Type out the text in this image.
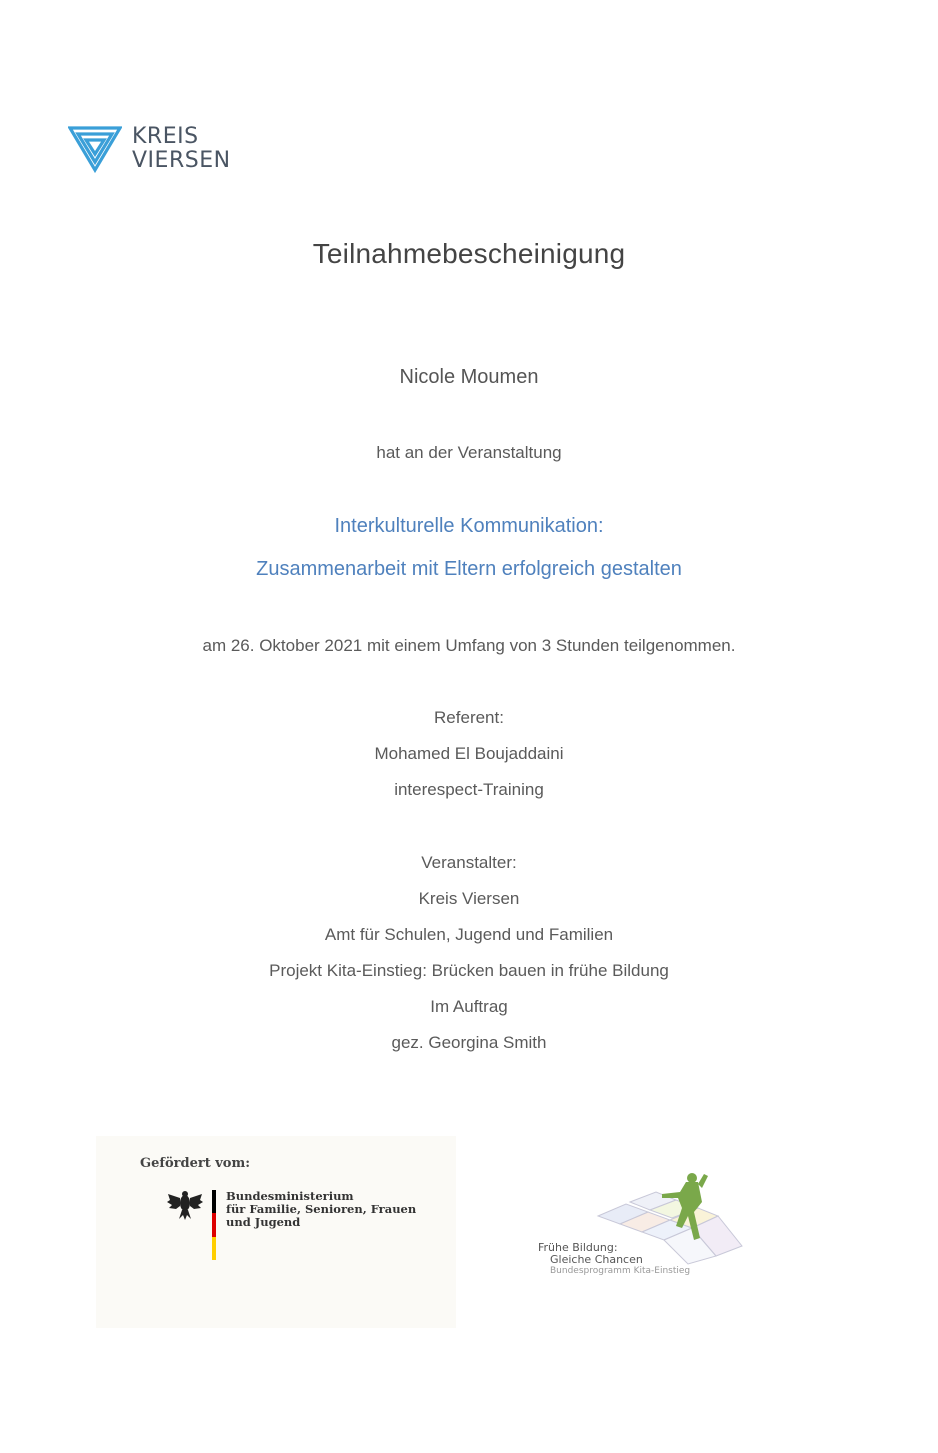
KREIS
VIERSEN
Teilnahmebescheinigung
Nicole Moumen
hat an der Veranstaltung
Interkulturelle Kommunikation:
Zusammenarbeit mit Eltern erfolgreich gestalten
am 26. Oktober 2021 mit einem Umfang von 3 Stunden teilgenommen.
Referent:
Mohamed El Boujaddaini
interespect-Training
Veranstalter:
Kreis Viersen
Amt für Schulen, Jugend und Familien
Projekt Kita-Einstieg: Brücken bauen in frühe Bildung
Im Auftrag
gez. Georgina Smith
Gefördert vom:
Bundesministerium
für Familie, Senioren, Frauen
und Jugend
Frühe Bildung:
Gleiche Chancen
Bundesprogramm Kita-Einstieg
